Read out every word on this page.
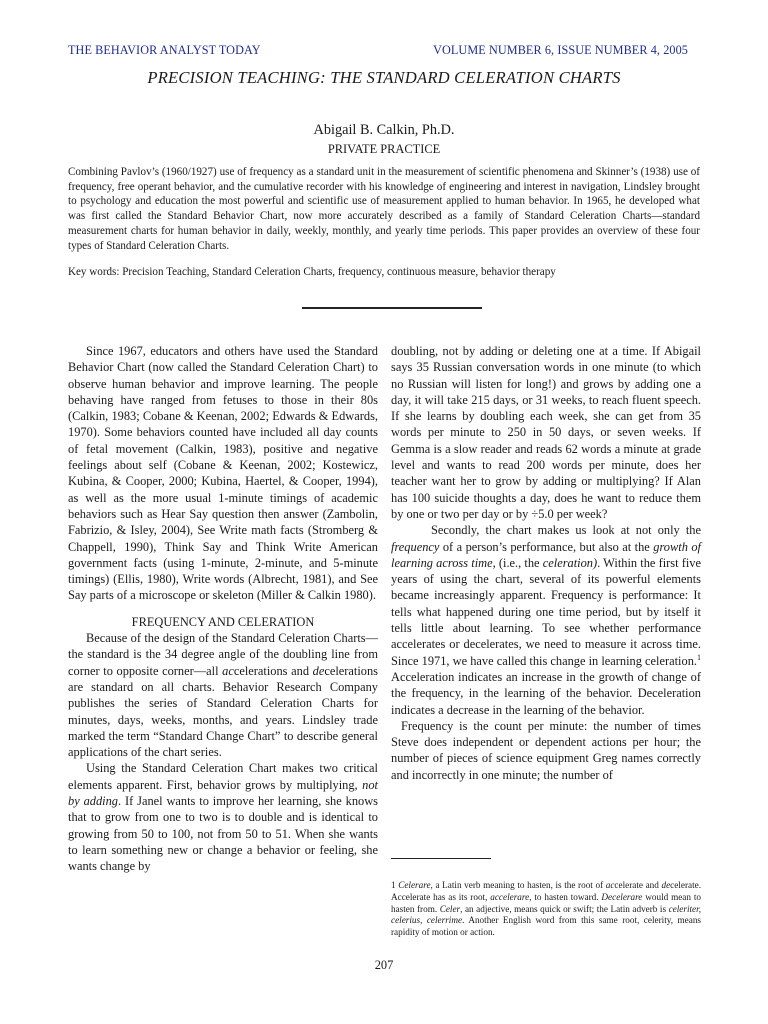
THE BEHAVIOR ANALYST TODAY	VOLUME NUMBER 6, ISSUE NUMBER 4, 2005
PRECISION TEACHING: THE STANDARD CELERATION CHARTS
Abigail B. Calkin, Ph.D.
PRIVATE PRACTICE

Combining Pavlov’s (1960/1927) use of frequency as a standard unit in the measurement of scientific phenomena and Skinner’s (1938) use of frequency, free operant behavior, and the cumulative recorder with his knowledge of engineering and interest in navigation, Lindsley brought to psychology and education the most powerful and scientific use of measurement applied to human behavior. In 1965, he developed what was first called the Standard Behavior Chart, now more accurately described as a family of Standard Celeration Charts—standard measurement charts for human behavior in daily, weekly, monthly, and yearly time periods. This paper provides an overview of these four types of Standard Celeration Charts.

Key words: Precision Teaching, Standard Celeration Charts, frequency, continuous measure, behavior therapy

Since 1967, educators and others have used the Standard Behavior Chart (now called the Standard Celeration Chart) to observe human behavior and improve learning. The people behaving have ranged from fetuses to those in their 80s (Calkin, 1983; Cobane & Keenan, 2002; Edwards & Edwards, 1970). Some behaviors counted have included all day counts of fetal movement (Calkin, 1983), positive and negative feelings about self (Cobane & Keenan, 2002; Kostewicz, Kubina, & Cooper, 2000; Kubina, Haertel, & Cooper, 1994), as well as the more usual 1-minute timings of academic behaviors such as Hear Say question then answer (Zambolin, Fabrizio, & Isley, 2004), See Write math facts (Stromberg & Chappell, 1990), Think Say and Think Write American government facts (using 1-minute, 2-minute, and 5-minute timings) (Ellis, 1980), Write words (Albrecht, 1981), and See Say parts of a microscope or skeleton (Miller & Calkin 1980).

FREQUENCY AND CELERATION

Because of the design of the Standard Celeration Charts—the standard is the 34 degree angle of the doubling line from corner to opposite corner—all accelerations and decelerations are standard on all charts. Behavior Research Company publishes the series of Standard Celeration Charts for minutes, days, weeks, months, and years. Lindsley trade marked the term “Standard Change Chart” to describe general applications of the chart series.

Using the Standard Celeration Chart makes two critical elements apparent. First, behavior grows by multiplying, not by adding. If Janel wants to improve her learning, she knows that to grow from one to two is to double and is identical to growing from 50 to 100, not from 50 to 51. When she wants to learn something new or change a behavior or feeling, she wants change by

doubling, not by adding or deleting one at a time. If Abigail says 35 Russian conversation words in one minute (to which no Russian will listen for long!) and grows by adding one a day, it will take 215 days, or 31 weeks, to reach fluent speech. If she learns by doubling each week, she can get from 35 words per minute to 250 in 50 days, or seven weeks. If Gemma is a slow reader and reads 62 words a minute at grade level and wants to read 200 words per minute, does her teacher want her to grow by adding or multiplying? If Alan has 100 suicide thoughts a day, does he want to reduce them by one or two per day or by ÷5.0 per week?

Secondly, the chart makes us look at not only the frequency of a person’s performance, but also at the growth of learning across time, (i.e., the celeration). Within the first five years of using the chart, several of its powerful elements became increasingly apparent. Frequency is performance: It tells what happened during one time period, but by itself it tells little about learning. To see whether performance accelerates or decelerates, we need to measure it across time. Since 1971, we have called this change in learning celeration.$^1$ Acceleration indicates an increase in the growth of change of the frequency, in the learning of the behavior. Deceleration indicates a decrease in the learning of the behavior.

Frequency is the count per minute: the number of times Steve does independent or dependent actions per hour; the number of pieces of science equipment Greg names correctly and incorrectly in one minute; the number of

1 Celerare, a Latin verb meaning to hasten, is the root of accelerate and decelerate. Accelerate has as its root, accelerare, to hasten toward. Decelerare would mean to hasten from. Celer, an adjective, means quick or swift; the Latin adverb is celeriter, celerius, celerrime. Another English word from this same root, celerity, means rapidity of motion or action.

207
